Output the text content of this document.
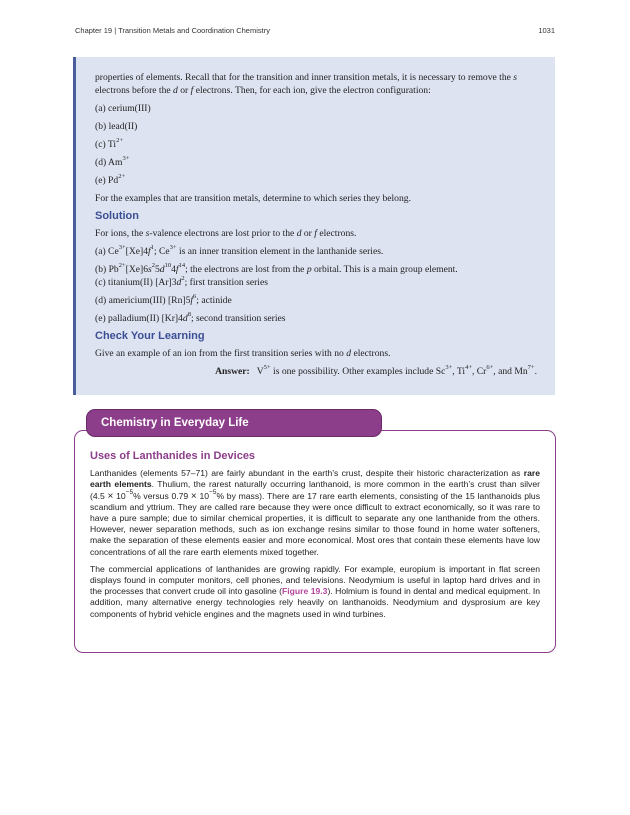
Chapter 19 | Transition Metals and Coordination Chemistry	1031

properties of elements. Recall that for the transition and inner transition metals, it is necessary to remove the s electrons before the d or f electrons. Then, for each ion, give the electron configuration:

(a) cerium(III)

(b) lead(II)

(c) $Ti^{2+}$

(d) $Am^{3+}$

(e) $Pd^{2+}$

For the examples that are transition metals, determine to which series they belong.

Solution

For ions, the s-valence electrons are lost prior to the d or f electrons.

(a) $Ce^{3+}[Xe]4f^1$; $Ce^{3+}$ is an inner transition element in the lanthanide series.

(b) $Pb^{2+}[Xe]6s^25d^{10}4f^{14}$; the electrons are lost from the p orbital. This is a main group element.

(c) titanium(II) $[Ar]3d^2$; first transition series

(d) americium(III) $[Rn]5f^6$; actinide

(e) palladium(II) $[Kr]4d^8$; second transition series

Check Your Learning

Give an example of an ion from the first transition series with no d electrons.

Answer: $V^{5+}$ is one possibility. Other examples include $Sc^{3+}$, $Ti^{4+}$, $Cr^{6+}$, and $Mn^{7+}$.

Chemistry in Everyday Life
Uses of Lanthanides in Devices

Lanthanides (elements 57–71) are fairly abundant in the earth’s crust, despite their historic characterization as rare earth elements. Thulium, the rarest naturally occurring lanthanoid, is more common in the earth’s crust than silver ($4.5 \times 10^{-5}\%$ versus $0.79 \times 10^{-5}\%$ by mass). There are 17 rare earth elements, consisting of the 15 lanthanoids plus scandium and yttrium. They are called rare because they were once difficult to extract economically, so it was rare to have a pure sample; due to similar chemical properties, it is difficult to separate any one lanthanide from the others. However, newer separation methods, such as ion exchange resins similar to those found in home water softeners, make the separation of these elements easier and more economical. Most ores that contain these elements have low concentrations of all the rare earth elements mixed together.

The commercial applications of lanthanides are growing rapidly. For example, europium is important in flat screen displays found in computer monitors, cell phones, and televisions. Neodymium is useful in laptop hard drives and in the processes that convert crude oil into gasoline (Figure 19.3). Holmium is found in dental and medical equipment. In addition, many alternative energy technologies rely heavily on lanthanoids. Neodymium and dysprosium are key components of hybrid vehicle engines and the magnets used in wind turbines.
